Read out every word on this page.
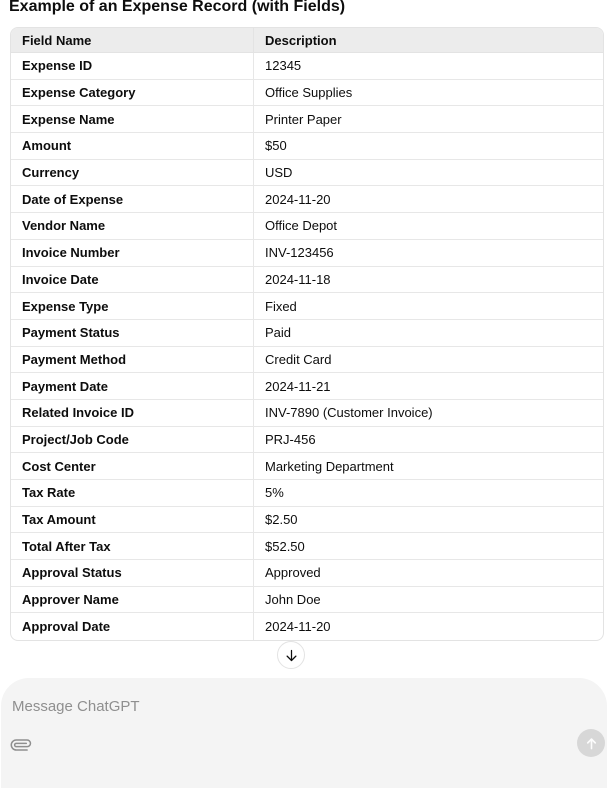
Example of an Expense Record (with Fields)
Field Name	Description
Expense ID	12345
Expense Category	Office Supplies
Expense Name	Printer Paper
Amount	$50
Currency	USD
Date of Expense	2024-11-20
Vendor Name	Office Depot
Invoice Number	INV-123456
Invoice Date	2024-11-18
Expense Type	Fixed
Payment Status	Paid
Payment Method	Credit Card
Payment Date	2024-11-21
Related Invoice ID	INV-7890 (Customer Invoice)
Project/Job Code	PRJ-456
Cost Center	Marketing Department
Tax Rate	5%
Tax Amount	$2.50
Total After Tax	$52.50
Approval Status	Approved
Approver Name	John Doe
Approval Date	2024-11-20
Message ChatGPT
